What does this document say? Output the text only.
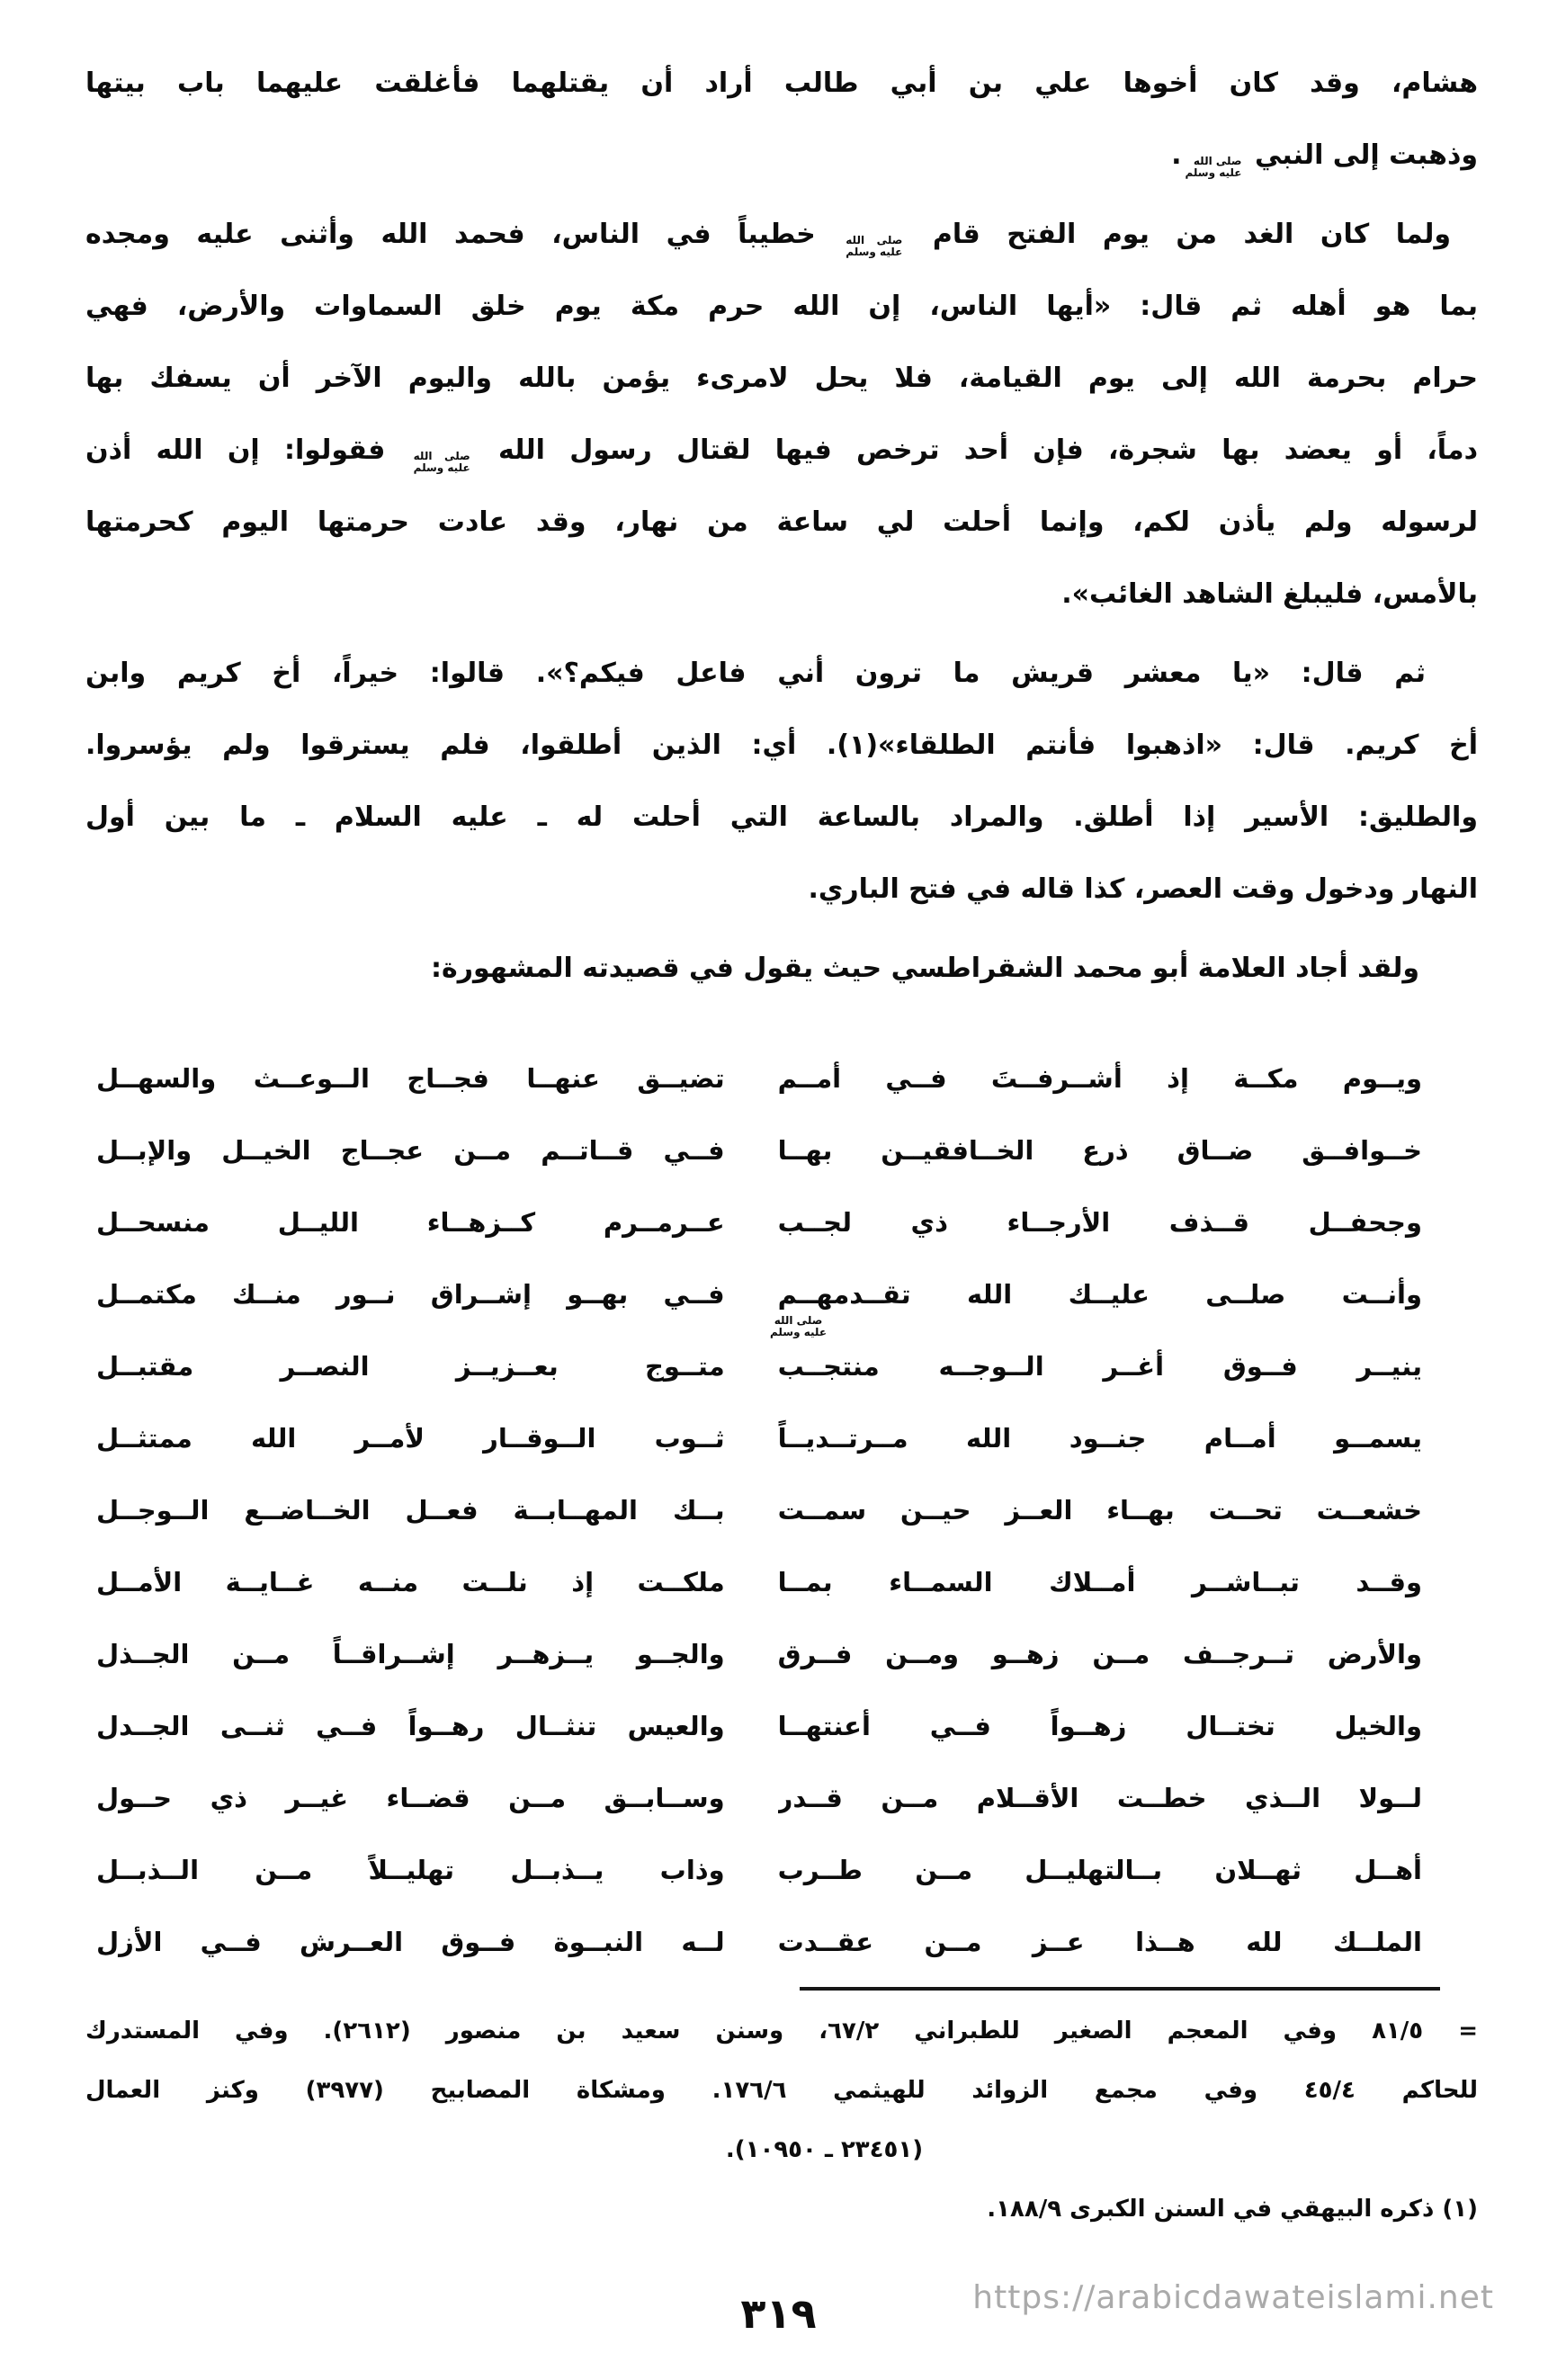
هشام، وقد كان أخوها علي بن أبي طالب أراد أن يقتلهما فأغلقت عليهما باب بيتها
وذهبت إلى النبي
صلى الله
عليه وسلم
.

ولما كان الغد من يوم الفتح قام
صلى الله
عليه وسلم
خطيباً في الناس، فحمد الله وأثنى عليه ومجده
بما هو أهله ثم قال: «أيها الناس، إن الله حرم مكة يوم خلق السماوات والأرض، فهي
حرام بحرمة الله إلى يوم القيامة، فلا يحل لامرىء يؤمن بالله واليوم الآخر أن يسفك بها
دماً، أو يعضد بها شجرة، فإن أحد ترخص فيها لقتال رسول الله
صلى الله
عليه وسلم
فقولوا: إن الله أذن
لرسوله ولم يأذن لكم، وإنما أحلت لي ساعة من نهار، وقد عادت حرمتها اليوم كحرمتها
بالأمس، فليبلغ الشاهد الغائب».

ثم قال: «يا معشر قريش ما ترون أني فاعل فيكم؟». قالوا: خيراً، أخ كريم وابن
أخ كريم. قال: «اذهبوا فأنتم الطلقاء»(١). أي: الذين أطلقوا، فلم يسترقوا ولم يؤسروا.
والطليق: الأسير إذا أطلق. والمراد بالساعة التي أحلت له ـ عليه السلام ـ ما بين أول
النهار ودخول وقت العصر، كذا قاله في فتح الباري.

ولقد أجاد العلامة أبو محمد الشقراطسي حيث يقول في قصيدته المشهورة:

ويــوم مكــة إذ أشــرفــتَ فــي أمــم
تضيــق عنهــا فجــاج الــوعــث والسهــل
خــوافــق ضــاق ذرع الخــافقيــن بهــا
فــي قــاتــم مــن عجــاج الخيــل والإبــل
وجحفــل قــذف الأرجــاء ذي لجــب
عــرمــرم كــزهــاء الليــل منسحــل
وأنــت صلــى عليــك الله تقــدمهــم
فــي بهــو إشــراق نــور منــك مكتمــل
ينيــر فــوق أغــر الــوجــه منتجــب
متــوج بعــزيــز النصــر مقتبــل
يسمــو أمــام جنــود الله مــرتــديــاً
ثــوب الــوقــار لأمــر الله ممتثــل
خشعــت تحــت بهــاء العــز حيــن سمــت
بــك المهــابــة فعــل الخــاضــع الــوجــل
وقــد تبــاشــر أمــلاك السمــاء بمــا
ملكــت إذ نلــت منــه غــايــة الأمــل
والأرض تــرجــف مــن زهــو ومــن فــرق
والجــو يــزهــر إشــراقــاً مــن الجــذل
والخيل تختــال زهــواً فــي أعنتهــا
والعيس تنثــال رهــواً فــي ثنــى الجــدل
لــولا الــذي خطــت الأقــلام مــن قــدر
وســابــق مــن قضــاء غيــر ذي حــول
أهــل ثهــلان بــالتهليــل مــن طــرب
وذاب يــذبــل تهليــلاً مــن الــذبــل
الملــك لله هــذا عــز مــن عقــدت
لــه النبــوة فــوق العــرش فــي الأزل
= ٨١/٥ وفي المعجم الصغير للطبراني ٦٧/٢، وسنن سعيد بن منصور (٢٦١٢). وفي المستدرك
للحاكم ٤٥/٤ وفي مجمع الزوائد للهيثمي ١٧٦/٦. ومشكاة المصابيح (٣٩٧٧) وكنز العمال
(٢٣٤٥١ ـ ١٠٩٥٠).
(١) ذكره البيهقي في السنن الكبرى ١٨٨/٩.
صلى الله
عليه وسلم
٣١٩	https://arabicdawateislami.net
